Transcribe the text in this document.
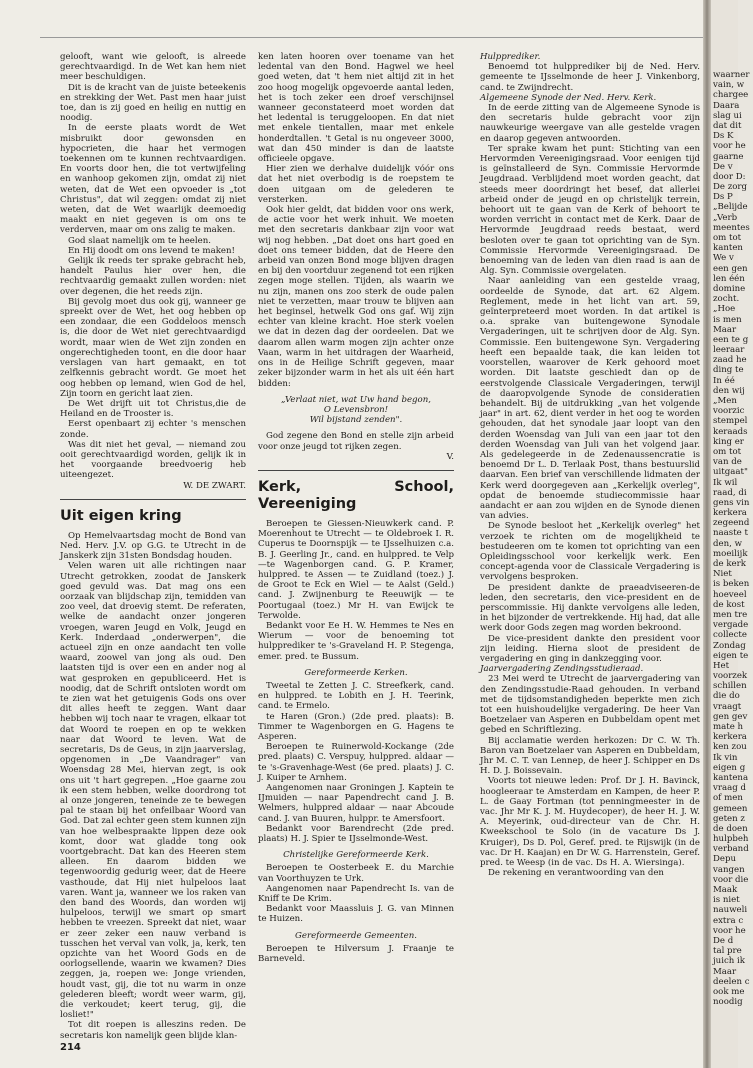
gelooft, want wie gelooft, is alreede gerechtvaardigd. In de Wet kan hem niet meer beschuldigen.

Dit is de kracht van de juiste beteekenis en strekking der Wet. Past men haar juist toe, dan is zij goed en heilig en nuttig en noodig.

In de eerste plaats wordt de Wet misbruikt door gewonsden en hypocrieten, die haar het vermogen toekennen om te kunnen rechtvaardigen. En voorts door hen, die tot vertwijfeling en wanhoop gekomen zijn, omdat zij niet weten, dat de Wet een opvoeder is „tot Christus", dat wil zeggen: omdat zij niet weten, dat de Wet waarlijk deemoedig maakt en niet gegeven is om ons te verderven, maar om ons zalig te maken.

God slaat namelijk om te heelen.

En Hij doodt om ons levend te maken!

Gelijk ik reeds ter sprake gebracht heb, handelt Paulus hier over hen, die rechtvaardig gemaakt zullen worden: niet over degenen, die het reeds zijn.

Bij gevolg moet dus ook gij, wanneer ge spreekt over de Wet, het oog hebben op een zondaar, die een Goddeloos mensch is, die door de Wet niet gerechtvaardigd wordt, maar wien de Wet zijn zonden en ongerechtigheden toont, en die door haar verslagen van hart gemaakt, en tot zelfkennis gebracht wordt. Ge moet het oog hebben op lemand, wien God de hel, Zijn toorn en gericht laat zien.

De Wet drijft uit tot Christus,die de Heiland en de Trooster is.

Eerst openbaart zij echter 's menschen zonde.

Was dit niet het geval, — niemand zou ooit gerechtvaardigd worden, gelijk ik in het voorgaande breedvoerig heb uiteengezet.

W. DE ZWART.
Uit eigen kring

Op Hemelvaartsdag mocht de Bond van Ned. Herv. J.V. op G.G. te Utrecht in de Janskerk zijn 31sten Bondsdag houden.

Velen waren uit alle richtingen naar Utrecht getrokken, zoodat de Janskerk goed gevuld was. Dat mag ons een oorzaak van blijdschap zijn, temidden van zoo veel, dat droevig stemt. De referaten, welke de aandacht onzer jongeren vroegen, waren Jeugd en Volk, Jeugd en Kerk. Inderdaad „onderwerpen", die actueel zijn en onze aandacht ten volle waard, zoowel van jong als oud. Den laatsten tijd is over een en ander nog al wat gesproken en gepubliceerd. Het is noodig, dat de Schrift ontsloten wordt om te zien wat het getuigenis Gods ons over dit alles heeft te zeggen. Want daar hebben wij toch naar te vragen, elkaar tot dat Woord te roepen en op te wekken naar dat Woord te leven. Wat de secretaris, Ds de Geus, in zijn jaarverslag, opgenomen in „De Vaandrager" van Woensdag 28 Mei, hiervan zegt, is ook ons uit 't hart gegrepen. „Hoe gaarne zou ik een stem hebben, welke doordrong tot al onze jongeren, teneinde ze te bewegen pal te staan bij het onfeilbaar Woord van God. Dat zal echter geen stem kunnen zijn van hoe welbespraakte lippen deze ook komt, door wat gladde tong ook voortgebracht. Dat kan des Heeren stem alleen. En daarom bidden we tegenwoordig gedurig weer, dat de Heere vasthoude, dat Hij niet hulpeloos laat varen. Want ja, wanneer we los raken van den band des Woords, dan worden wij hulpeloos, terwijl we smart op smart hebben te vreezen. Spreekt dat niet, waar er zeer zeker een nauw verband is tusschen het verval van volk, ja, kerk, ten opzichte van het Woord Gods en de oorlogsellende, waarin we kwamen? Dies zeggen, ja, roepen we: Jonge vrienden, houdt vast, gij, die tot nu warm in onze gelederen bleeft; wordt weer warm, gij, die verkoudet; keert terug, gij, die losliet!"

Tot dit roepen is alleszins reden. De secretaris kon namelijk geen blijde klan-

214

ken laten hooren over toename van het ledental van den Bond. Hagwel we heel goed weten, dat 't hem niet altijd zit in het zoo hoog mogelijk opgevoerde aantal leden, het is toch zeker een droef verschijnsel wanneer geconstateerd moet worden dat het ledental is teruggeloopen. En dat niet met enkele tientallen, maar met enkele honderdtallen. 't Getal is nu ongeveer 3000, wat dan 450 minder is dan de laatste officieele opgave.

Hier zien we derhalve duidelijk vóór ons dat het niet overbodig is de roepstem te doen uitgaan om de gelederen te versterken.

Ook hier geldt, dat bidden voor ons werk, de actie voor het werk inhuit. We moeten met den secretaris dankbaar zijn voor wat wij nog hebben. „Dat doet ons hart goed en doet ons temeer bidden, dat de Heere den arbeid van onzen Bond moge blijven dragen en bij den voortduur zegenend tot een rijken zegen moge stellen. Tijden, als waarin we nu zijn, manen ons zoo sterk de oude palen niet te verzetten, maar trouw te blijven aan het beginsel, hetwelk God ons gaf. Wij zijn echter van kleine kracht. Hoe sterk voelen we dat in dezen dag der oordeelen. Dat we daarom allen warm mogen zijn achter onze Vaan, warm in het uitdragen der Waarheid, ons in de Heilige Schrift gegeven, maar zeker bijzonder warm in het als uit één hart bidden:

„Verlaat niet, wat Uw hand begon,
O Levensbron!
Wil bijstand zenden".

God zegene den Bond en stelle zijn arbeid voor onze jeugd tot rijken zegen.

V.
Kerk, School, Vereeniging

Beroepen te Giessen-Nieuwkerk cand. P. Moerenhout te Utrecht — te Oldebroek I. R. Cuperus te Doornspijk — te IJsselhuizen c.a. B. J. Geerling Jr., cand. en hulppred. te Velp —te Wagenborgen cand. G. P. Kramer, hulppred. te Assen — te Zuidland (toez.) J. de Groot te Eck en Wiel — te Aalst (Geld.) cand. J. Zwijnenburg te Reeuwijk — te Poortugaal (toez.) Mr H. van Ewijck te Terwolde.

Bedankt voor Ee H. W. Hemmes te Nes en Wierum — voor de benoeming tot hulpprediker te 's-Graveland H. P. Stegenga, emer. pred. te Bussum.

Gereformeerde Kerken.

Tweetal te Zetten J. C. Streefkerk, cand. en hulppred. te Lobith en J. H. Teerink, cand. te Ermelo.

te Haren (Gron.) (2de pred. plaats): B. Timmer te Wagenborgen en G. Hagens te Asperen.

Beroepen te Ruinerwold-Kockange (2de pred. plaats) C. Verspuy, hulppred. aldaar — te 's-Gravenhage-West (6e pred. plaats) J. C. J. Kuiper te Arnhem.

Aangenomen naar Groningen J. Kaptein te IJmuiden — naar Papendrecht cand J. B. Welmers, hulppred aldaar — naar Abcoude cand. J. van Buuren, hulppr. te Amersfoort.

Bedankt voor Barendrecht (2de pred. plaats) H. J. Spier te IJsselmonde-West.

Christelijke Gereformeerde Kerk.

Beroepen te Oosterbeek E. du Marchie van Voorthuyzen te Urk.

Aangenomen naar Papendrecht Is. van de Kniff te De Krim.

Bedankt voor Maassluis J. G. van Minnen te Huizen.

Gereformeerde Gemeenten.

Beroepen te Hilversum J. Fraanje te Barneveld.

Hulpprediker.

Benoemd tot hulpprediker bij de Ned. Herv. gemeente te IJsselmonde de heer J. Vinkenborg, cand. te Zwijndrecht.

Algemeene Synode der Ned. Herv. Kerk.

In de eerde zitting van de Algemeene Synode is den secretaris hulde gebracht voor zijn nauwkeurige weergave van alle gestelde vragen en daarop gegeven antwoorden.

Ter sprake kwam het punt: Stichting van een Hervormden Vereenigingsraad. Voor eenigen tijd is geïnstalleerd de Syn. Commissie Hervormde Jeugdraad. Verblijdend moet worden geacht, dat steeds meer doordringt het besef, dat allerlei arbeid onder de jeugd en op christelijk terrein, behoort uit te gaan van de Kerk of behoort te worden verricht in contact met de Kerk. Daar de Hervormde Jeugdraad reeds bestaat, werd besloten over te gaan tot oprichting van de Syn. Commissie Hervormde Vereenigingsraad. De benoeming van de leden van dien raad is aan de Alg. Syn. Commissie overgelaten.

Naar aanleiding van een gestelde vraag, oordeelde de Synode, dat art. 62 Algem. Reglement, mede in het licht van art. 59, geïnterpreteerd moet worden. In dat artikel is o.a. sprake van buitengewone Synodale Vergaderingen, uit te schrijven door de Alg. Syn. Commissie. Een buitengewone Syn. Vergadering heeft een bepaalde taak, die kan leiden tot voorstellen, waarover de Kerk gehoord moet worden. Dit laatste geschiedt dan op de eerstvolgende Classicale Vergaderingen, terwijl de daaropvolgende Synode de consideratien behandelt. Bij de uitdrukking „van het volgende jaar" in art. 62, dient verder in het oog te worden gehouden, dat het synodale jaar loopt van den derden Woensdag van Juli van een jaar tot den derden Woensdag van Juli van het volgend jaar. Als gedelegeerde in de Zedenaussencratie is benoemd Dr L. D. Terlaak Post, thans bestuurslid daarvan. Een brief van verschillende lidmaten der Kerk werd doorgegeven aan „Kerkelijk overleg", opdat de benoemde studiecommissie haar aandacht er aan zou wijden en de Synode dienen van advies.

De Synode besloot het „Kerkelijk overleg" het verzoek te richten om de mogelijkheid te bestudeeren om te komen tot oprichting van een Opleidingsschool voor kerkelijk werk. Een concept-agenda voor de Classicale Vergadering is vervolgens besproken.

De president dankte de praeadviseeren-de leden, den secretaris, den vice-president en de perscommissie. Hij dankte vervolgens alle leden, in het bijzonder de vertrekkende. Hij had, dat alle werk door Gods zegen mag worden bekroond.

De vice-president dankte den president voor zijn leiding. Hierna sloot de president de vergadering en ging in dankzegging voor.

Jaarvergadering Zendingsstudieraad.

23 Mei werd te Utrecht de jaarvergadering van den Zendingsstudie-Raad gehouden. In verband met de tijdsomstandigheden beperkte men zich tot een huishoudelijke vergadering. De heer Van Boetzelaer van Asperen en Dubbeldam opent met gebed en Schriftlezing.

Bij acclamatie werden herkozen: Dr C. W. Th. Baron van Boetzelaer van Asperen en Dubbeldam, Jhr M. C. T. van Lennep, de heer J. Schipper en Ds H. D. J. Boissevain.

Voorts tot nieuwe leden: Prof. Dr J. H. Bavinck, hoogleeraar te Amsterdam en Kampen, de heer P. L. de Gaay Fortman (tot penningmeester in de vac. Jhr Mr K. J. M. Huydecoper), de heer H. J. W. A. Meyerink, oud-directeur van de Chr. H. Kweekschool te Solo (in de vacature Ds J. Kruiger), Ds D. Pol, Geref. pred. te Rijswijk (in de vac. Dr H. Kaajan) en Dr W. G. Harrenstein, Geref. pred. te Weesp (in de vac. Ds H. A. Wiersinga).

De rekening en verantwoording van den

waarner
vain, w
chargee
Daara
slag ui
dat dit
Ds K
voor he
gaarne
De v
door D:
De zorg
Ds P
„Belijde
„Verb
meentes
om tot
kanten
We v
een gen
len één
domine
zocht.
„Hoe
is men
Maar
een te g
leeraar
zaad he
ding te
In éé
den wij
„Men
voorzic
stempel
keraads
king er
om tot
van de
uitgaat"
Ik wil
raad, di
gens vin
kerkera
zegeend
naaste t
den, w
moeilijk
de kerk
Niet
is beken
hoeveel
de kost
men tre
vergade
collecte
Zondag
eigen te
Het
voorzek
schillen
die do
vraagt
gen gev
mate h
kerkera
ken zou
Ik vin
eigen g
kantena
vraag d
of men
gemeen
geten z
de doen
hulpbeh
verband
Depu
vangen
voor die
Maak
is niet
nauweli
extra c
voor he
De d
tal pre
juich ik
Maar
deelen c
ook me
noodig
